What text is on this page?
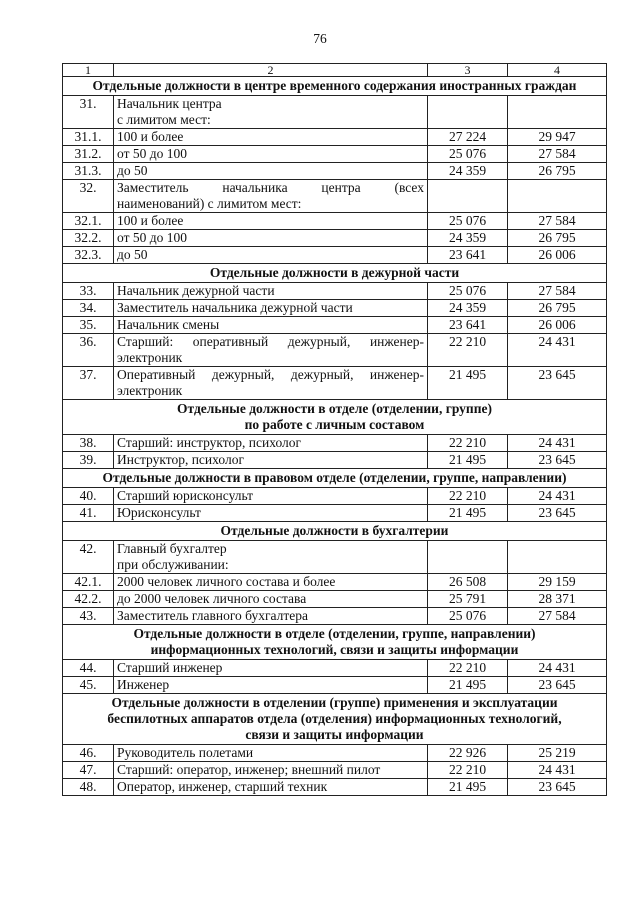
76
1	2	3	4
Отдельные должности в центре временного содержания иностранных граждан			
31.	Начальник центра
с лимитом мест:		

31.1.	100 и более	27 224	29 947
31.2.	от 50 до 100	25 076	27 584
31.3.	до 50	24 359	26 795
32.	Заместитель начальника центра (всех
наименований) с лимитом мест:		

32.1.	100 и более	25 076	27 584
32.2.	от 50 до 100	24 359	26 795
32.3.	до 50	23 641	26 006
Отдельные должности в дежурной части			
33.	Начальник дежурной части	25 076	27 584
34.	Заместитель начальника дежурной части	24 359	26 795
35.	Начальник смены	23 641	26 006
36.	Старший: оперативный дежурный, инженер-
электроник	22 210	24 431
37.	Оперативный дежурный, дежурный, инженер-
электроник	21 495	23 645
Отдельные должности в отделе (отделении, группе)
по работе с личным составом			
38.	Старший: инструктор, психолог	22 210	24 431
39.	Инструктор, психолог	21 495	23 645
Отдельные должности в правовом отделе (отделении, группе, направлении)			
40.	Старший юрисконсульт	22 210	24 431
41.	Юрисконсульт	21 495	23 645
Отдельные должности в бухгалтерии			
42.	Главный бухгалтер
при обслуживании:		

42.1.	2000 человек личного состава и более	26 508	29 159
42.2.	до 2000 человек личного состава	25 791	28 371
43.	Заместитель главного бухгалтера	25 076	27 584
Отдельные должности в отделе (отделении, группе, направлении)
информационных технологий, связи и защиты информации			
44.	Старший инженер	22 210	24 431
45.	Инженер	21 495	23 645
Отдельные должности в отделении (группе) применения и эксплуатации
беспилотных аппаратов отдела (отделения) информационных технологий,
связи и защиты информации			
46.	Руководитель полетами	22 926	25 219
47.	Старший: оператор, инженер; внешний пилот	22 210	24 431
48.	Оператор, инженер, старший техник	21 495	23 645
